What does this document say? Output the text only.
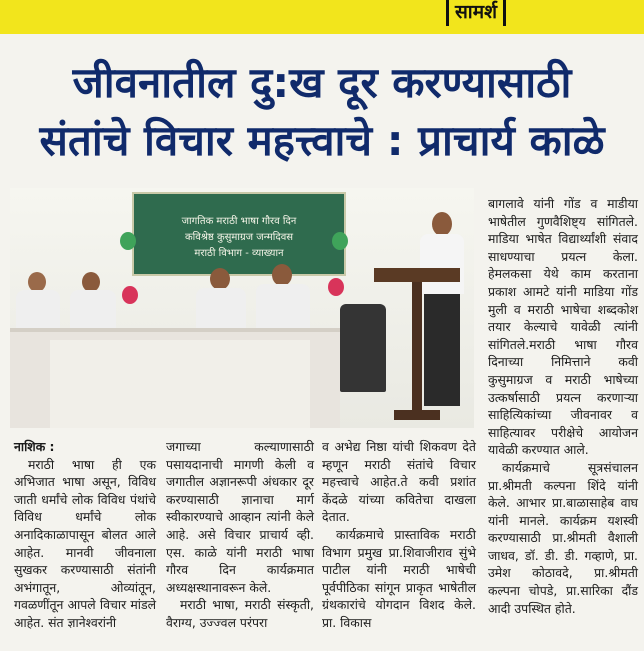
सामर्श
जीवनातील दु:ख दूर करण्यासाठी
संतांचे विचार महत्त्वाचे : प्राचार्य काळे
जागतिक मराठी भाषा गौरव दिन
कविश्रेष्ठ कुसुमाग्रज जन्मदिवस
मराठी विभाग - व्याख्यान
नाशिक :

मराठी भाषा ही एक अभिजात भाषा असून, विविध जाती धर्मांचे लोक विविध पंथांचे विविध धर्मांचे लोक अनादिकाळापासून बोलत आले आहेत. मानवी जीवनाला सुखकर करण्यासाठी संतांनी अभंगातून, ओव्यांतून, गवळणींतून आपले विचार मांडले आहेत. संत ज्ञानेश्वरांनी

जगाच्या कल्याणासाठी पसायदानाची मागणी केली व जगातील अज्ञानरूपी अंधकार दूर करण्यासाठी ज्ञानाचा मार्ग स्वीकारण्याचे आव्हान त्यांनी केले आहे. असे विचार प्राचार्य व्ही. एस. काळे यांनी मराठी भाषा गौरव दिन कार्यक्रमात अध्यक्षस्थानावरून केले.

मराठी भाषा, मराठी संस्कृती, वैराग्य, उज्ज्वल परंपरा

व अभेद्य निष्ठा यांची शिकवण देते म्हणून मराठी संतांचे विचार महत्त्वाचे आहेत.ते कवी प्रशांत केंदळे यांच्या कवितेचा दाखला देतात.

कार्यक्रमाचे प्रास्ताविक मराठी विभाग प्रमुख प्रा.शिवाजीराव सुंभे पाटील यांनी मराठी भाषेची पूर्वपीठिका सांगून प्राकृत भाषेतील ग्रंथकारांचे योगदान विशद केले. प्रा. विकास

बागलावे यांनी गोंड व माडीया भाषेतील गुणवैशिष्ट्य सांगितले. माडिया भाषेत विद्यार्थ्यांशी संवाद साधण्याचा प्रयत्न केला. हेमलकसा येथे काम करताना प्रकाश आमटे यांनी माडिया गोंड मुली व मराठी भाषेचा शब्दकोश तयार केल्याचे यावेळी त्यांनी सांगितले.मराठी भाषा गौरव दिनाच्या निमित्ताने कवी कुसुमाग्रज व मराठी भाषेच्या उत्कर्षासाठी प्रयत्न करणाऱ्या साहित्यिकांच्या जीवनावर व साहित्यावर परीक्षेचे आयोजन यावेळी करण्यात आले.

कार्यक्रमाचे सूत्रसंचालन प्रा.श्रीमती कल्पना शिंदे यांनी केले. आभार प्रा.बाळासाहेब वाघ यांनी मानले. कार्यक्रम यशस्वी करण्यासाठी प्रा.श्रीमती वैशाली जाधव, डॉ. डी. डी. गव्हाणे, प्रा. उमेश कोठावदे, प्रा.श्रीमती कल्पना चोपडे, प्रा.सारिका दौंड आदी उपस्थित होते.
